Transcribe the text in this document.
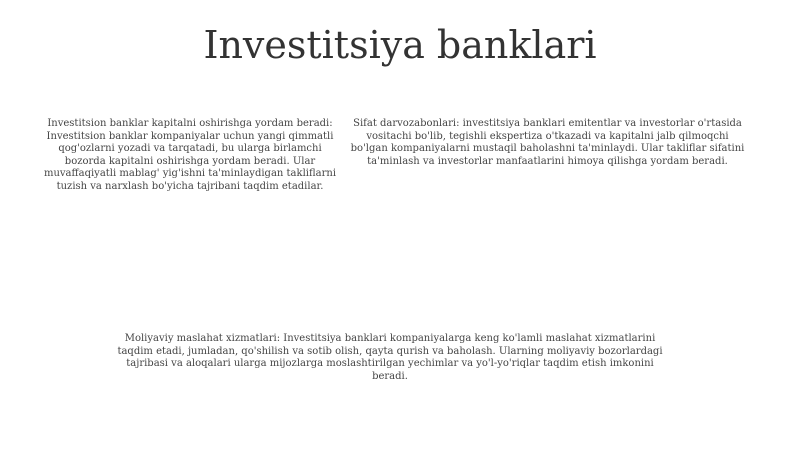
Investitsiya banklari

Investitsion banklar kapitalni oshirishga yordam beradi: Investitsion banklar kompaniyalar uchun yangi qimmatli qog'ozlarni yozadi va tarqatadi, bu ularga birlamchi bozorda kapitalni oshirishga yordam beradi. Ular muvaffaqiyatli mablag' yig'ishni ta'minlaydigan takliflarni tuzish va narxlash bo'yicha tajribani taqdim etadilar.

Sifat darvozabonlari: investitsiya banklari emitentlar va investorlar o'rtasida vositachi bo'lib, tegishli ekspertiza o'tkazadi va kapitalni jalb qilmoqchi bo'lgan kompaniyalarni mustaqil baholashni ta'minlaydi. Ular takliflar sifatini ta'minlash va investorlar manfaatlarini himoya qilishga yordam beradi.

Moliyaviy maslahat xizmatlari: Investitsiya banklari kompaniyalarga keng ko'lamli maslahat xizmatlarini taqdim etadi, jumladan, qo'shilish va sotib olish, qayta qurish va baholash. Ularning moliyaviy bozorlardagi tajribasi va aloqalari ularga mijozlarga moslashtirilgan yechimlar va yo'l-yo'riqlar taqdim etish imkonini beradi.
